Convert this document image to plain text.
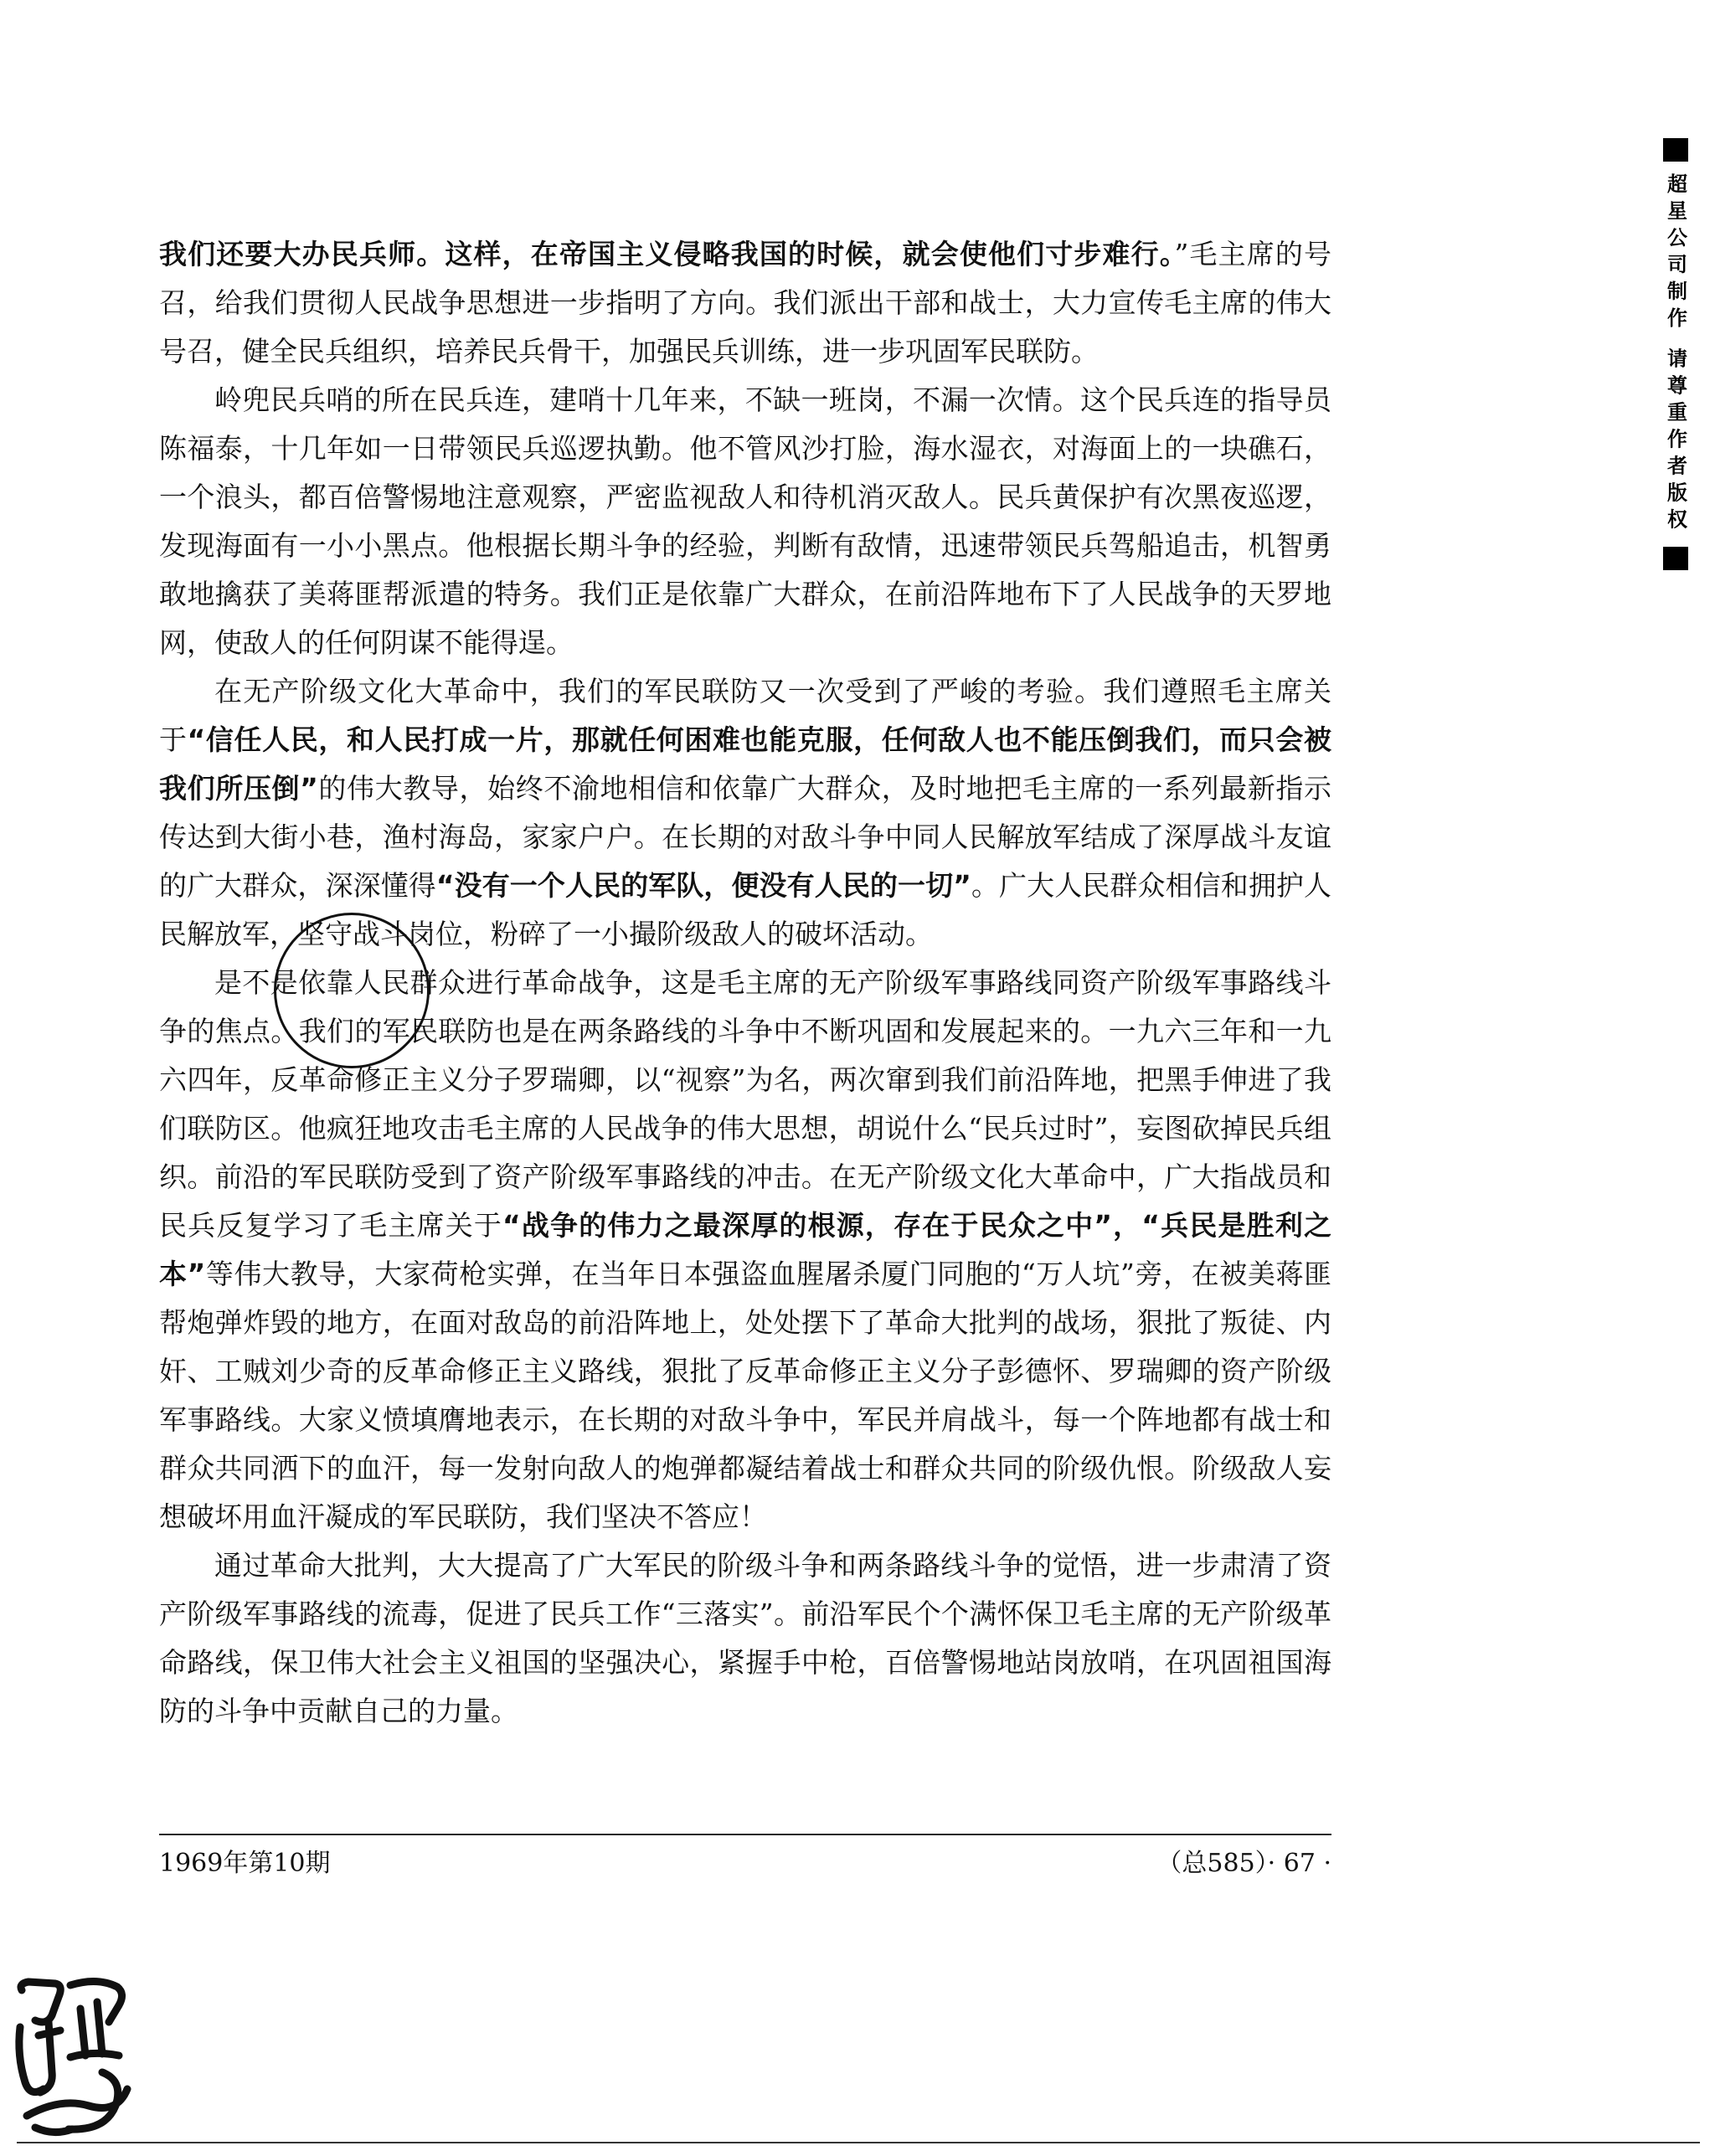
我们还要大办民兵师。这样，在帝国主义侵略我国的时候，就会使他们寸步难行。”毛主席的号召，给我们贯彻人民战争思想进一步指明了方向。我们派出干部和战士，大力宣传毛主席的伟大号召，健全民兵组织，培养民兵骨干，加强民兵训练，进一步巩固军民联防。

岭兜民兵哨的所在民兵连，建哨十几年来，不缺一班岗，不漏一次情。这个民兵连的指导员陈福泰，十几年如一日带领民兵巡逻执勤。他不管风沙打脸，海水湿衣，对海面上的一块礁石，一个浪头，都百倍警惕地注意观察，严密监视敌人和待机消灭敌人。民兵黄保护有次黑夜巡逻，发现海面有一小小黑点。他根据长期斗争的经验，判断有敌情，迅速带领民兵驾船追击，机智勇敢地擒获了美蒋匪帮派遣的特务。我们正是依靠广大群众，在前沿阵地布下了人民战争的天罗地网，使敌人的任何阴谋不能得逞。

在无产阶级文化大革命中，我们的军民联防又一次受到了严峻的考验。我们遵照毛主席关于“信任人民，和人民打成一片，那就任何困难也能克服，任何敌人也不能压倒我们，而只会被我们所压倒”的伟大教导，始终不渝地相信和依靠广大群众，及时地把毛主席的一系列最新指示传达到大街小巷，渔村海岛，家家户户。在长期的对敌斗争中同人民解放军结成了深厚战斗友谊的广大群众，深深懂得“没有一个人民的军队，便没有人民的一切”。广大人民群众相信和拥护人民解放军，坚守战斗岗位，粉碎了一小撮阶级敌人的破坏活动。

是不是依靠人民群众进行革命战争，这是毛主席的无产阶级军事路线同资产阶级军事路线斗争的焦点。我们的军民联防也是在两条路线的斗争中不断巩固和发展起来的。一九六三年和一九六四年，反革命修正主义分子罗瑞卿，以“视察”为名，两次窜到我们前沿阵地，把黑手伸进了我们联防区。他疯狂地攻击毛主席的人民战争的伟大思想，胡说什么“民兵过时”，妄图砍掉民兵组织。前沿的军民联防受到了资产阶级军事路线的冲击。在无产阶级文化大革命中，广大指战员和民兵反复学习了毛主席关于“战争的伟力之最深厚的根源，存在于民众之中”，“兵民是胜利之本”等伟大教导，大家荷枪实弹，在当年日本强盗血腥屠杀厦门同胞的“万人坑”旁，在被美蒋匪帮炮弹炸毁的地方，在面对敌岛的前沿阵地上，处处摆下了革命大批判的战场，狠批了叛徒、内奸、工贼刘少奇的反革命修正主义路线，狠批了反革命修正主义分子彭德怀、罗瑞卿的资产阶级军事路线。大家义愤填膺地表示，在长期的对敌斗争中，军民并肩战斗，每一个阵地都有战士和群众共同洒下的血汗，每一发射向敌人的炮弹都凝结着战士和群众共同的阶级仇恨。阶级敌人妄想破坏用血汗凝成的军民联防，我们坚决不答应！

通过革命大批判，大大提高了广大军民的阶级斗争和两条路线斗争的觉悟，进一步肃清了资产阶级军事路线的流毒，促进了民兵工作“三落实”。前沿军民个个满怀保卫毛主席的无产阶级革命路线，保卫伟大社会主义祖国的坚强决心，紧握手中枪，百倍警惕地站岗放哨，在巩固祖国海防的斗争中贡献自己的力量。

1969年第10期	（总585）· 67 ·
超星公司制作 请尊重作者版权
